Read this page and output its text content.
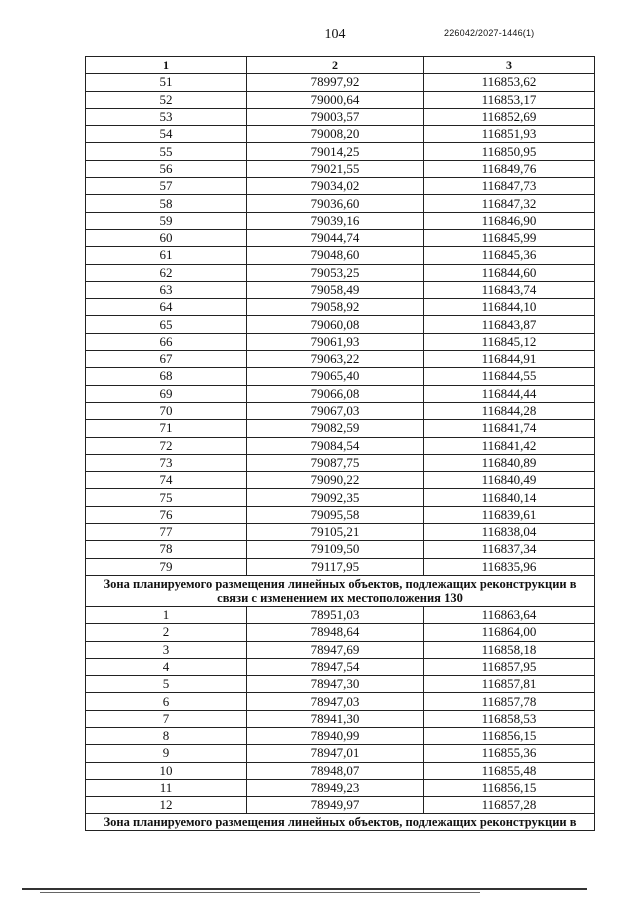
104	226042/2027-1446(1)
1	2	3
51	78997,92	116853,62
52	79000,64	116853,17
53	79003,57	116852,69
54	79008,20	116851,93
55	79014,25	116850,95
56	79021,55	116849,76
57	79034,02	116847,73
58	79036,60	116847,32
59	79039,16	116846,90
60	79044,74	116845,99
61	79048,60	116845,36
62	79053,25	116844,60
63	79058,49	116843,74
64	79058,92	116844,10
65	79060,08	116843,87
66	79061,93	116845,12
67	79063,22	116844,91
68	79065,40	116844,55
69	79066,08	116844,44
70	79067,03	116844,28
71	79082,59	116841,74
72	79084,54	116841,42
73	79087,75	116840,89
74	79090,22	116840,49
75	79092,35	116840,14
76	79095,58	116839,61
77	79105,21	116838,04
78	79109,50	116837,34
79	79117,95	116835,96
Зона планируемого размещения линейных объектов, подлежащих реконструкции в связи с изменением их местоположения 130		
1	78951,03	116863,64
2	78948,64	116864,00
3	78947,69	116858,18
4	78947,54	116857,95
5	78947,30	116857,81
6	78947,03	116857,78
7	78941,30	116858,53
8	78940,99	116856,15
9	78947,01	116855,36
10	78948,07	116855,48
11	78949,23	116856,15
12	78949,97	116857,28
Зона планируемого размещения линейных объектов, подлежащих реконструкции в		
